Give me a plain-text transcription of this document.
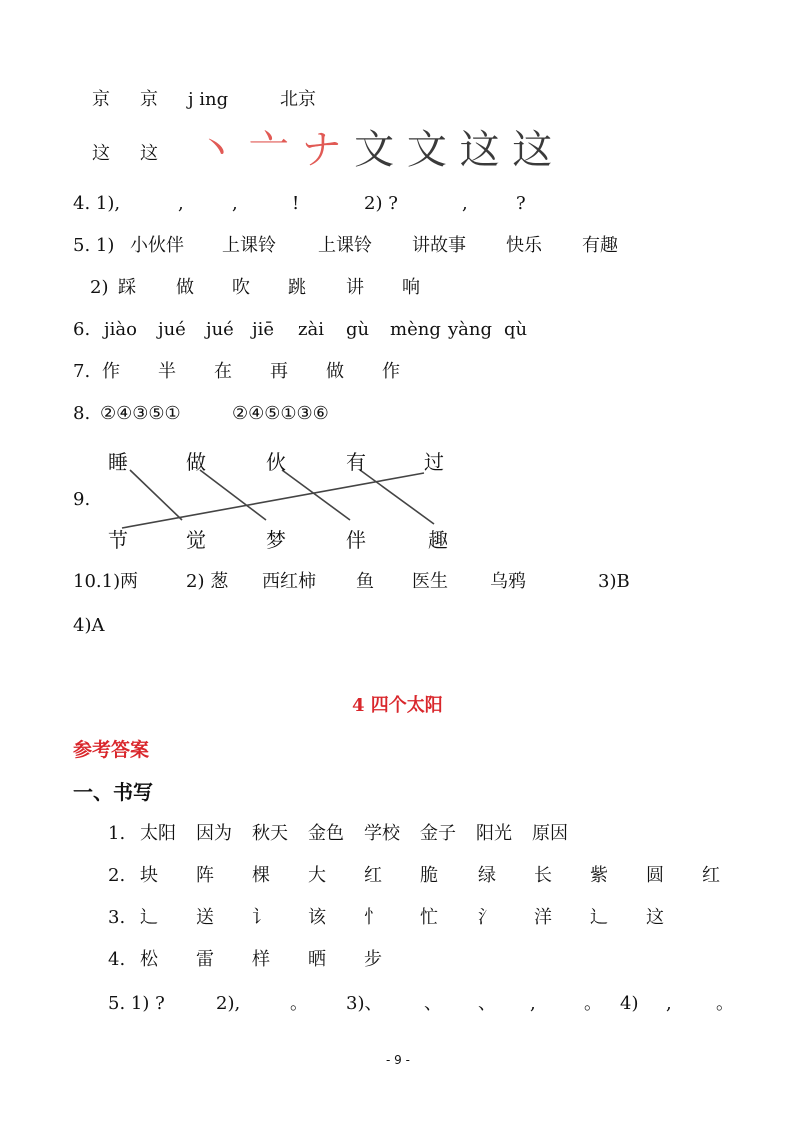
京 京 j ing	北京
这 这 丶 亠 ナ 文 文 这 这
4. 1),	,	,	!	2) ?	,	?
5. 1) 小伙伴 上课铃 上课铃 讲故事 快乐 有趣
2) 踩 做 吹 跳 讲 响
6. jiào jué jué jiē zài gù mèng yàng qù
7. 作 半 在 再 做 作
8. ②④③⑤①	②④⑤①③⑥
9.
睡	做	伙	有	过
节	觉	梦	伴	趣
10.1) 两	2) 葱 西红柿 鱼 医生 乌鸦	3)B
4)A
4 四个太阳
参考答案
一、书写
1. 太阳 因为 秋天 金色 学校 金子 阳光 原因
2. 块 阵 棵 大 红 脆 绿 长 紫 圆 红
3. 辶 送 讠 该 忄 忙 氵 洋 辶 这
4. 松 雷 样 晒 步
5. 1) ?	2),	。 3)、 、 、 ,	。 4) , 。
- 9 -
